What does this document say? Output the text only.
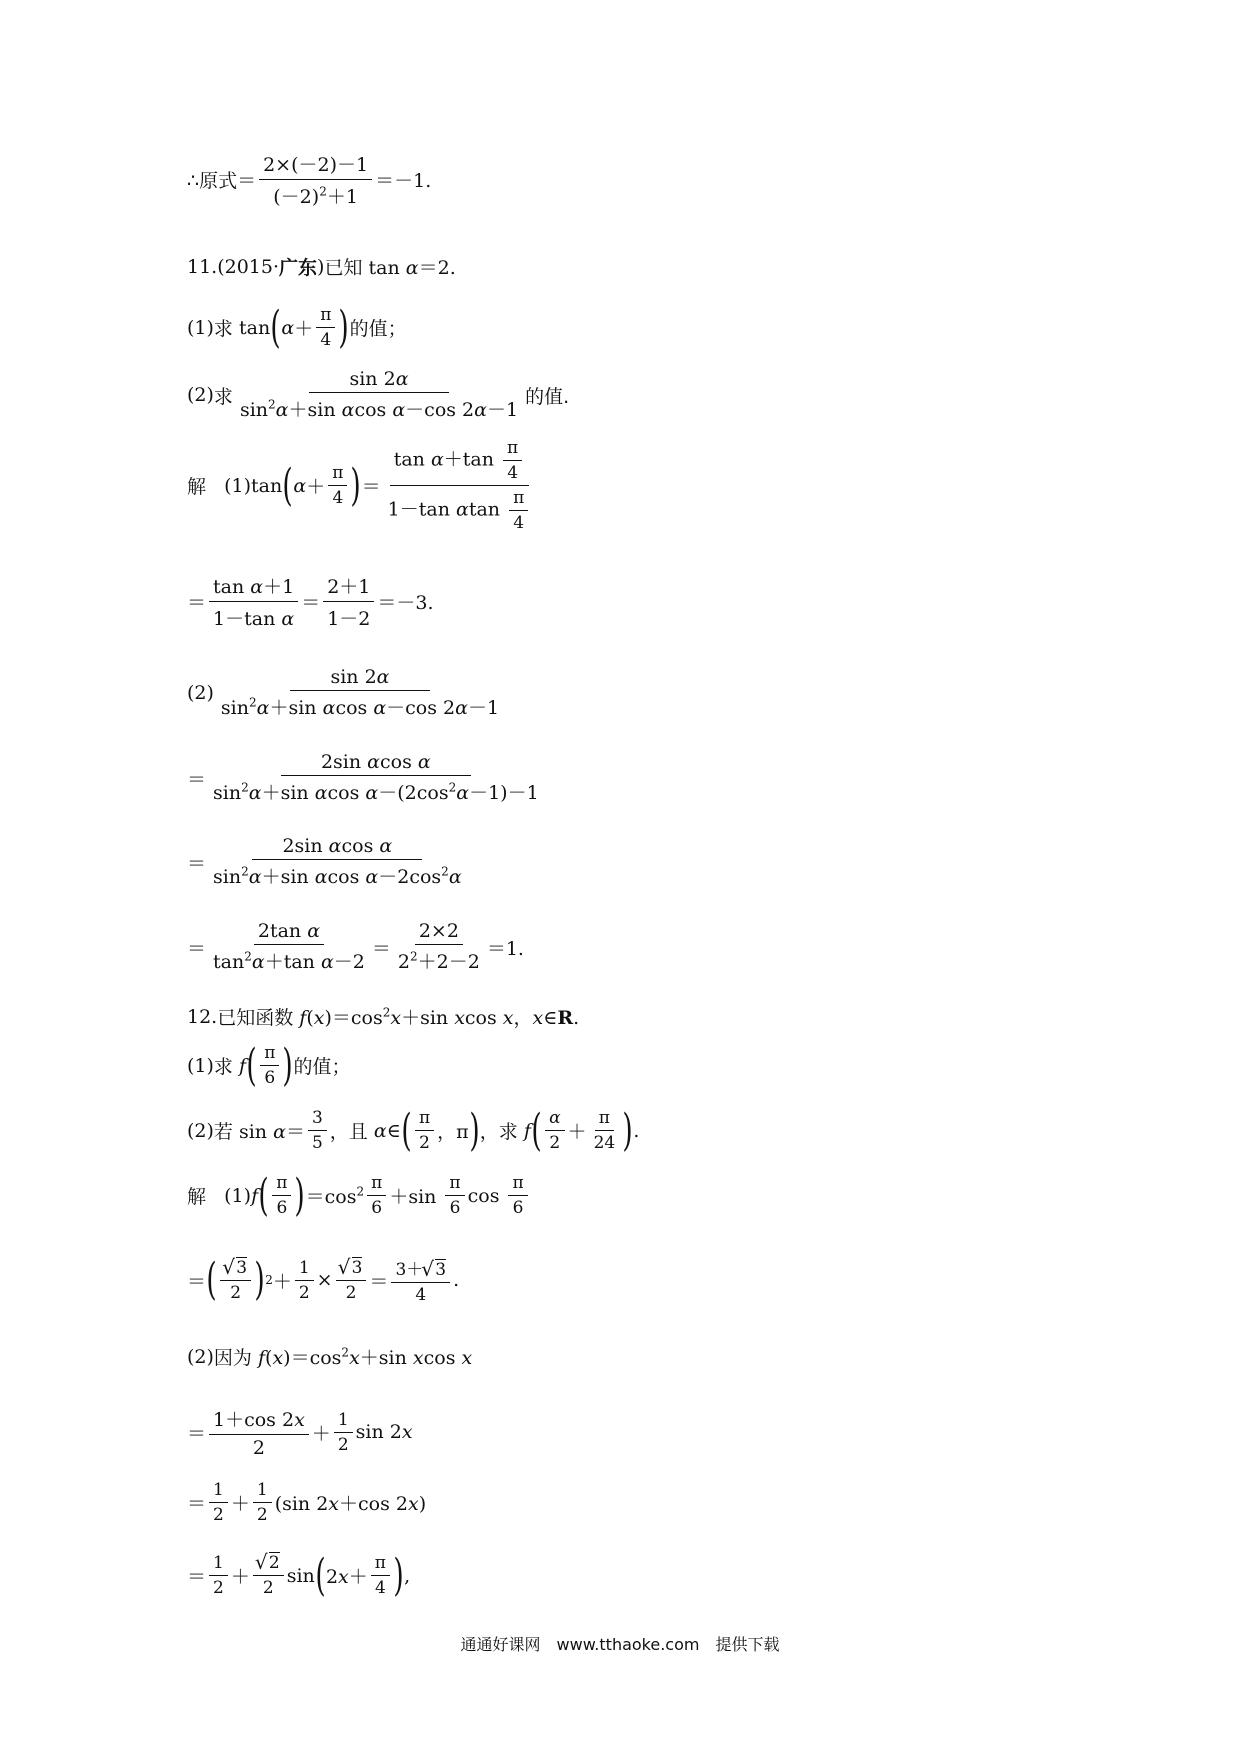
∴原式＝
2×(－2)－1
$(-2)^2+1$
＝－1.
11.(2015· 广东 ) 已知 tan α＝2.
(1) 求 tan ( α ＋
π
4 ) 的值；
(2) 求
sin 2α
$\sin^2\alpha+\sin$ αcos α－cos 2α－1
的值.
解 (1)tan ( α ＋
π
4 ) ＝
$\tan \alpha+\tan \frac{\pi}{4}$
1－tan αtan $\frac{\pi}{4}$
＝
tan α＋1
1－tan α
＝
2＋1
1－2
＝－3.
(2)
sin 2α
$\sin^2\alpha+\sin$ αcos α－cos 2α－1
＝
2sin αcos α
$\sin^2\alpha+\sin$ αcos $\alpha-(2\cos^2\alpha-1)-1$
＝
2sin αcos α
$\sin^2\alpha+\sin$ αcos $\alpha-2\cos^2\alpha$
＝
2tan α
$\tan^2\alpha+\tan$ α－2
＝
2×2
$2^2+2-2$
＝1.
12. 已知函数 $f(x)=\cos^2x+\sin$ xcos x，x∈R.
(1) 求 f ( π
6 ) 的值；
(2) 若 sin α＝
3
5 ，且 α∈ ( π
2 ，π ) ，求 f ( α
2 ＋
π
24 ) .
解 (1) f ( π
6 ) $=\cos^2$ π
6 ＋sin
π
6
cos
π
6
＝ (	√ 3
2 ) $2 + \frac{1}{2}$ × √ $\frac{3}{2}$ ＝
3＋ √ 3
4
.
(2) 因为 $f(x)=\cos^2x+\sin$ xcos x
＝
1＋cos 2x
2
＋
1
2
sin 2x
＝
1
2 ＋
1
2 (sin 2x＋cos 2x)
＝
1
2 ＋
√ 2
2
sin ( 2x＋
π
4 ) ,
通通好课网　www.tthaoke.com　提供下载
